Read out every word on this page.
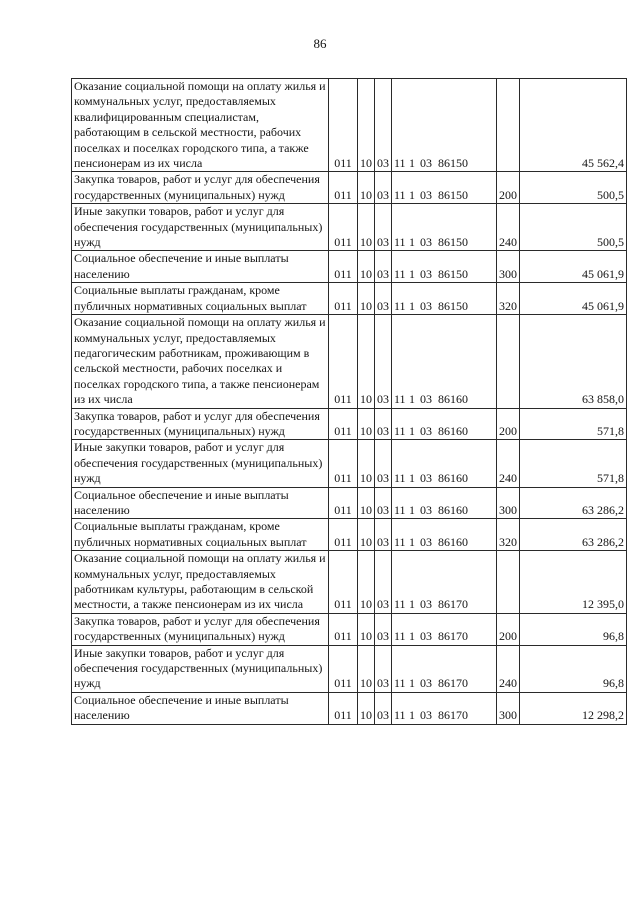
86
Оказание социальной помощи на оплату жилья и коммунальных услуг, предоставляемых квалифицированным специалистам, работающим в сельской местности, рабочих поселках и поселках городского типа, а также пенсионерам из их числа	011	10	03	11 1 03 86150		45 562,4
Закупка товаров, работ и услуг для обеспечения государственных (муниципальных) нужд	011	10	03	11 1 03 86150	200	500,5
Иные закупки товаров, работ и услуг для обеспечения государственных (муниципальных) нужд	011	10	03	11 1 03 86150	240	500,5
Социальное обеспечение и иные выплаты населению	011	10	03	11 1 03 86150	300	45 061,9
Социальные выплаты гражданам, кроме публичных нормативных социальных выплат	011	10	03	11 1 03 86150	320	45 061,9
Оказание социальной помощи на оплату жилья и коммунальных услуг, предоставляемых педагогическим работникам, проживающим в сельской местности, рабочих поселках и поселках городского типа, а также пенсионерам из их числа	011	10	03	11 1 03 86160		63 858,0
Закупка товаров, работ и услуг для обеспечения государственных (муниципальных) нужд	011	10	03	11 1 03 86160	200	571,8
Иные закупки товаров, работ и услуг для обеспечения государственных (муниципальных) нужд	011	10	03	11 1 03 86160	240	571,8
Социальное обеспечение и иные выплаты населению	011	10	03	11 1 03 86160	300	63 286,2
Социальные выплаты гражданам, кроме публичных нормативных социальных выплат	011	10	03	11 1 03 86160	320	63 286,2
Оказание социальной помощи на оплату жилья и коммунальных услуг, предоставляемых работникам культуры, работающим в сельской местности, а также пенсионерам из их числа	011	10	03	11 1 03 86170		12 395,0
Закупка товаров, работ и услуг для обеспечения государственных (муниципальных) нужд	011	10	03	11 1 03 86170	200	96,8
Иные закупки товаров, работ и услуг для обеспечения государственных (муниципальных) нужд	011	10	03	11 1 03 86170	240	96,8
Социальное обеспечение и иные выплаты населению	011	10	03	11 1 03 86170	300	12 298,2
